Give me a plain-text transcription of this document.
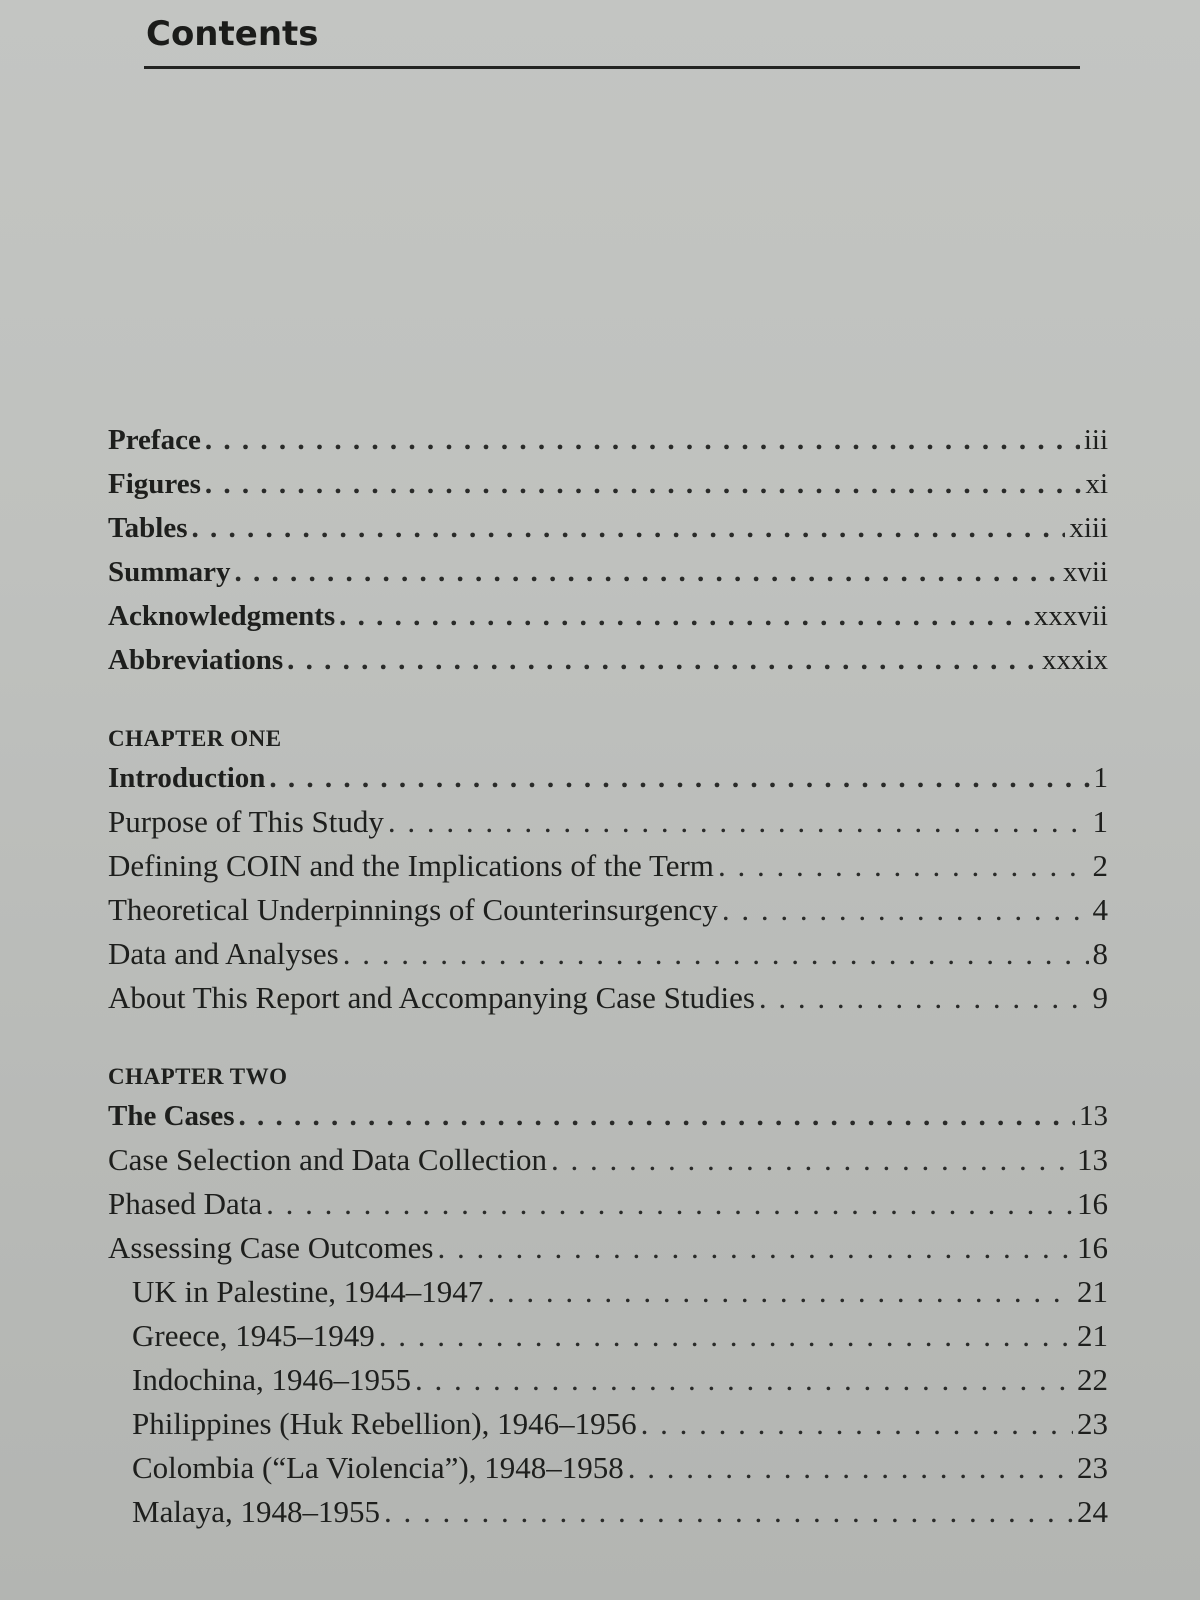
Contents
Preface . . .	iii
Figures . . .	xi
Tables . . .	xiii
Summary . . .	xvii
Acknowledgments . . .	xxxvii
Abbreviations . . .	xxxix
CHAPTER ONE
Introduction . . .	1
Purpose of This Study . . .	1
Defining COIN and the Implications of the Term . . .	2
Theoretical Underpinnings of Counterinsurgency . . .	4
Data and Analyses . . .	8
About This Report and Accompanying Case Studies . . .	9
CHAPTER TWO
The Cases . . .	13
Case Selection and Data Collection . . .	13
Phased Data . . .	16
Assessing Case Outcomes . . .	16
UK in Palestine, 1944–1947 . . .	21
Greece, 1945–1949 . . .	21
Indochina, 1946–1955 . . .	22
Philippines (Huk Rebellion), 1946–1956 . . .	23
Colombia (“La Violencia”), 1948–1958 . . .	23
Malaya, 1948–1955 . . .	24
